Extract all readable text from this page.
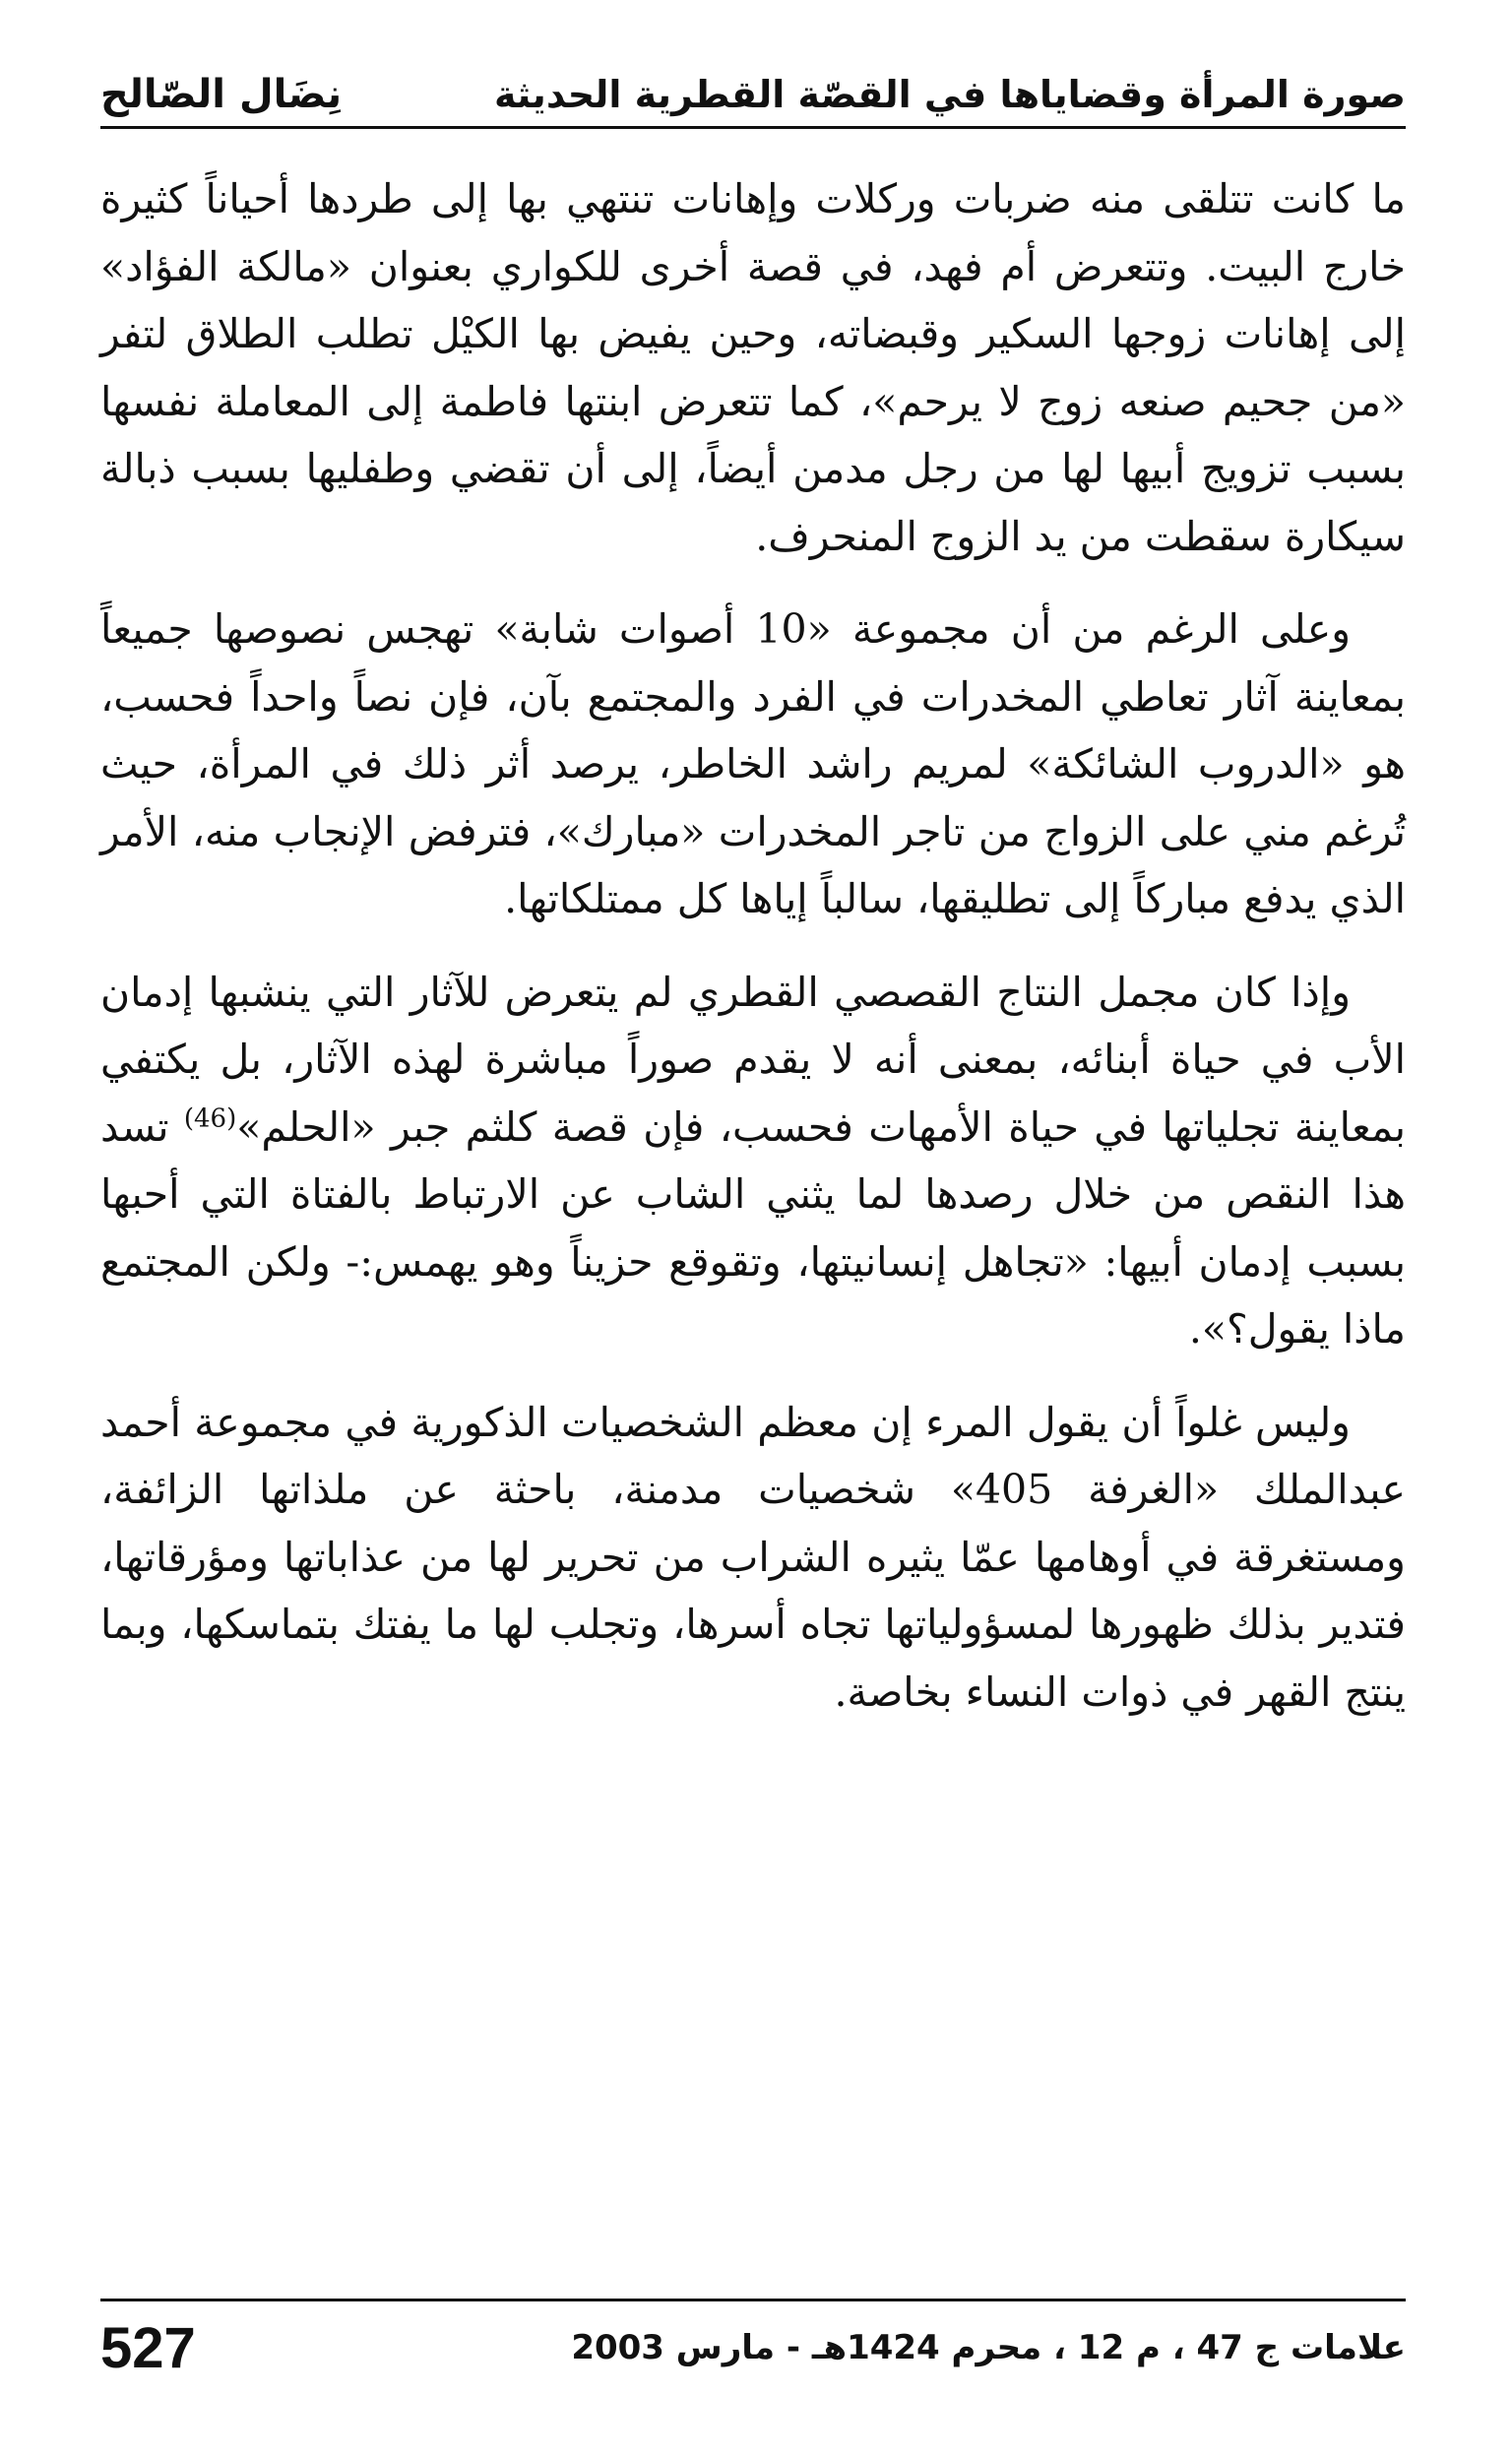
صورة المرأة وقضاياها في القصّة القطرية الحديثة
نِضَال الصّالح

ما كانت تتلقى منه ضربات وركلات وإهانات تنتهي بها إلى طردها أحياناً كثيرة خارج البيت. وتتعرض أم فهد، في قصة أخرى للكواري بعنوان «مالكة الفؤاد» إلى إهانات زوجها السكير وقبضاته، وحين يفيض بها الكيْل تطلب الطلاق لتفر «من جحيم صنعه زوج لا يرحم»، كما تتعرض ابنتها فاطمة إلى المعاملة نفسها بسبب تزويج أبيها لها من رجل مدمن أيضاً، إلى أن تقضي وطفليها بسبب ذبالة سيكارة سقطت من يد الزوج المنحرف.

وعلى الرغم من أن مجموعة «10 أصوات شابة» تهجس نصوصها جميعاً بمعاينة آثار تعاطي المخدرات في الفرد والمجتمع بآن، فإن نصاً واحداً فحسب، هو «الدروب الشائكة» لمريم راشد الخاطر، يرصد أثر ذلك في المرأة، حيث تُرغم مني على الزواج من تاجر المخدرات «مبارك»، فترفض الإنجاب منه، الأمر الذي يدفع مباركاً إلى تطليقها، سالباً إياها كل ممتلكاتها.

وإذا كان مجمل النتاج القصصي القطري لم يتعرض للآثار التي ينشبها إدمان الأب في حياة أبنائه، بمعنى أنه لا يقدم صوراً مباشرة لهذه الآثار، بل يكتفي بمعاينة تجلياتها في حياة الأمهات فحسب، فإن قصة كلثم جبر «الحلم»$^{(46)}$ تسد هذا النقص من خلال رصدها لما يثني الشاب عن الارتباط بالفتاة التي أحبها بسبب إدمان أبيها: «تجاهل إنسانيتها، وتقوقع حزيناً وهو يهمس:- ولكن المجتمع ماذا يقول؟».

وليس غلواً أن يقول المرء إن معظم الشخصيات الذكورية في مجموعة أحمد عبدالملك «الغرفة 405» شخصيات مدمنة، باحثة عن ملذاتها الزائفة، ومستغرقة في أوهامها عمّا يثيره الشراب من تحرير لها من عذاباتها ومؤرقاتها، فتدير بذلك ظهورها لمسؤولياتها تجاه أسرها، وتجلب لها ما يفتك بتماسكها، وبما ينتج القهر في ذوات النساء بخاصة.

علامات ج 47 ، م 12 ، محرم 1424هـ - مارس 2003
527
